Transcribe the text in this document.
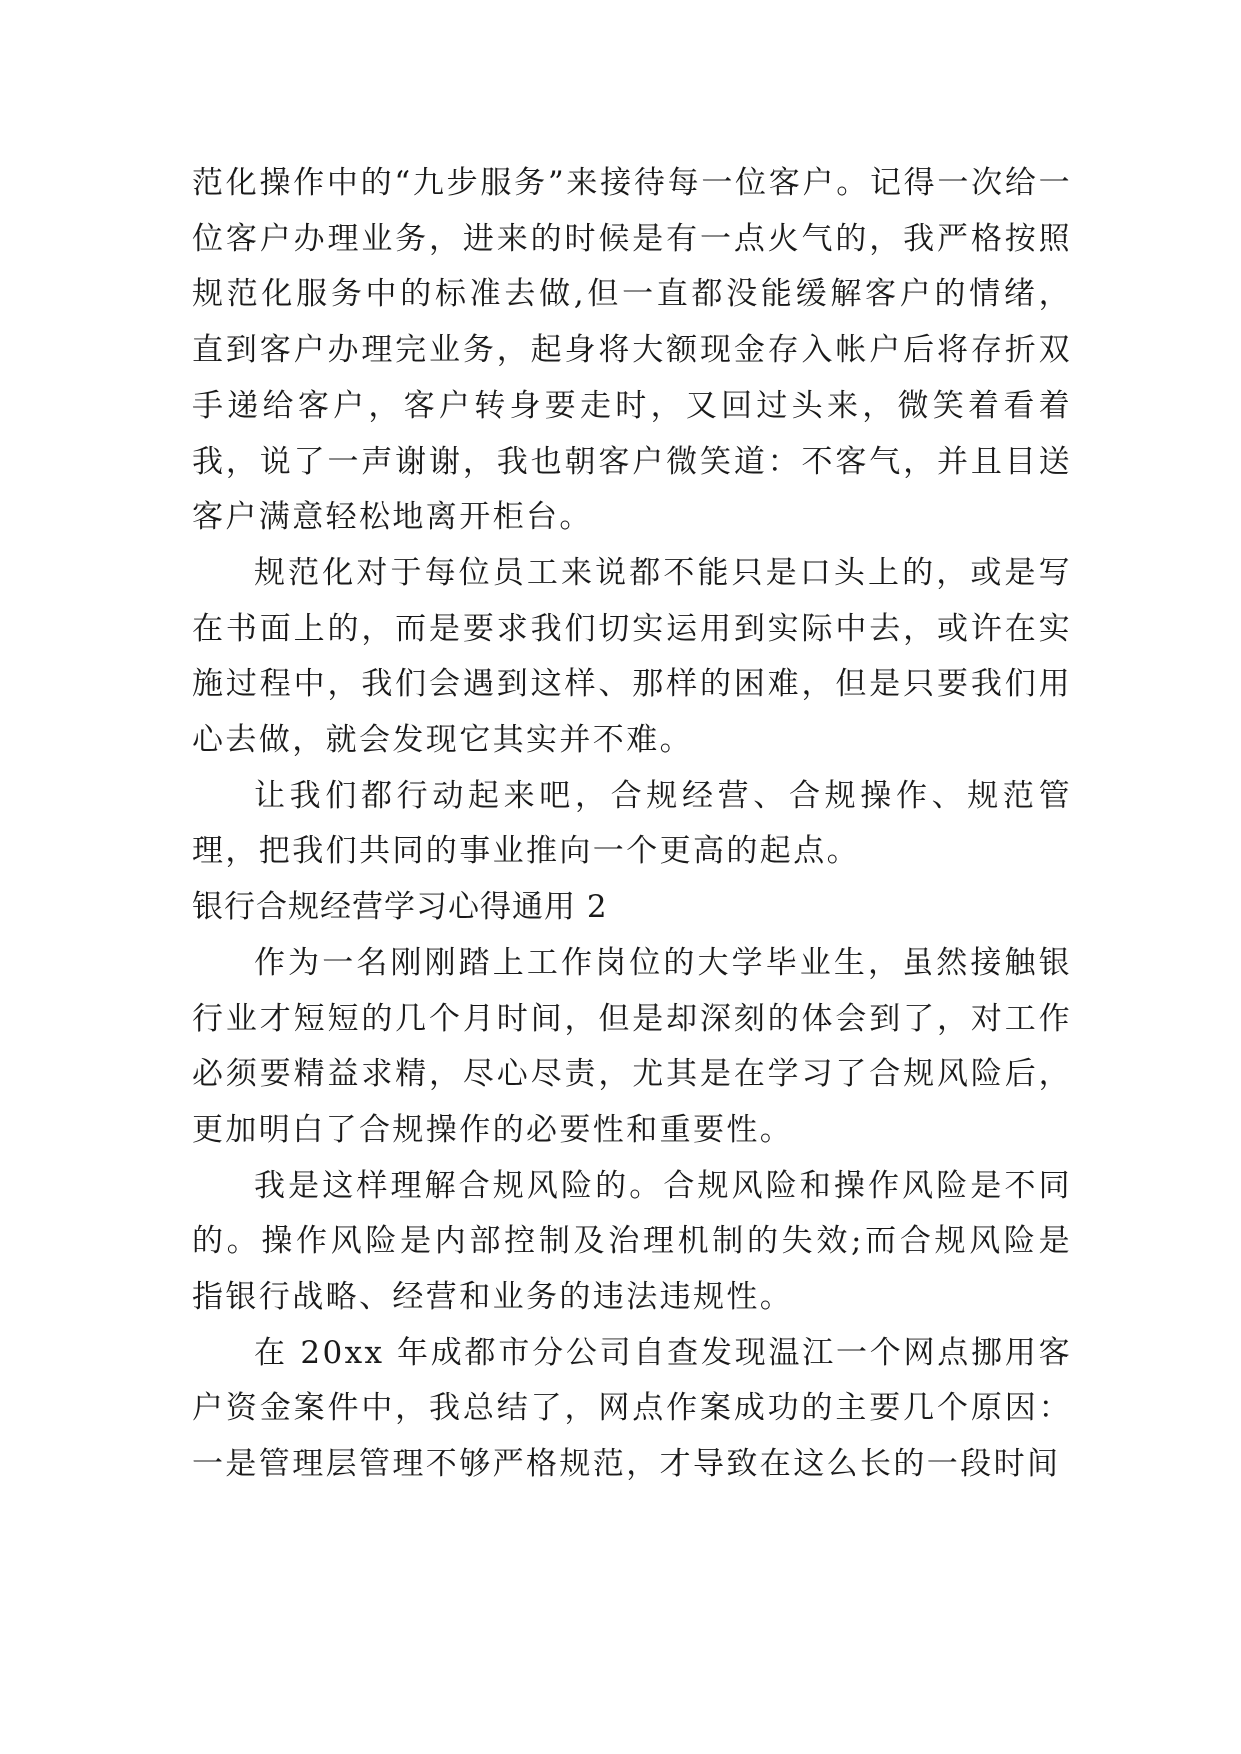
范化操作中的“九步服务”来接待每一位客户。记得一次给一位客户办理业务，进来的时候是有一点火气的，我严格按照规范化服务中的标准去做,但一直都没能缓解客户的情绪，直到客户办理完业务，起身将大额现金存入帐户后将存折双手递给客户，客户转身要走时，又回过头来，微笑着看着我，说了一声谢谢，我也朝客户微笑道：不客气，并且目送客户满意轻松地离开柜台。

规范化对于每位员工来说都不能只是口头上的，或是写在书面上的，而是要求我们切实运用到实际中去，或许在实施过程中，我们会遇到这样、那样的困难，但是只要我们用心去做，就会发现它其实并不难。

让我们都行动起来吧，合规经营、合规操作、规范管理，把我们共同的事业推向一个更高的起点。

银行合规经营学习心得通用 2

作为一名刚刚踏上工作岗位的大学毕业生，虽然接触银行业才短短的几个月时间，但是却深刻的体会到了，对工作必须要精益求精，尽心尽责，尤其是在学习了合规风险后，更加明白了合规操作的必要性和重要性。

我是这样理解合规风险的。合规风险和操作风险是不同的。操作风险是内部控制及治理机制的失效;而合规风险是指银行战略、经营和业务的违法违规性。

在 20xx 年成都市分公司自查发现温江一个网点挪用客户资金案件中，我总结了，网点作案成功的主要几个原因：一是管理层管理不够严格规范，才导致在这么长的一段时间
